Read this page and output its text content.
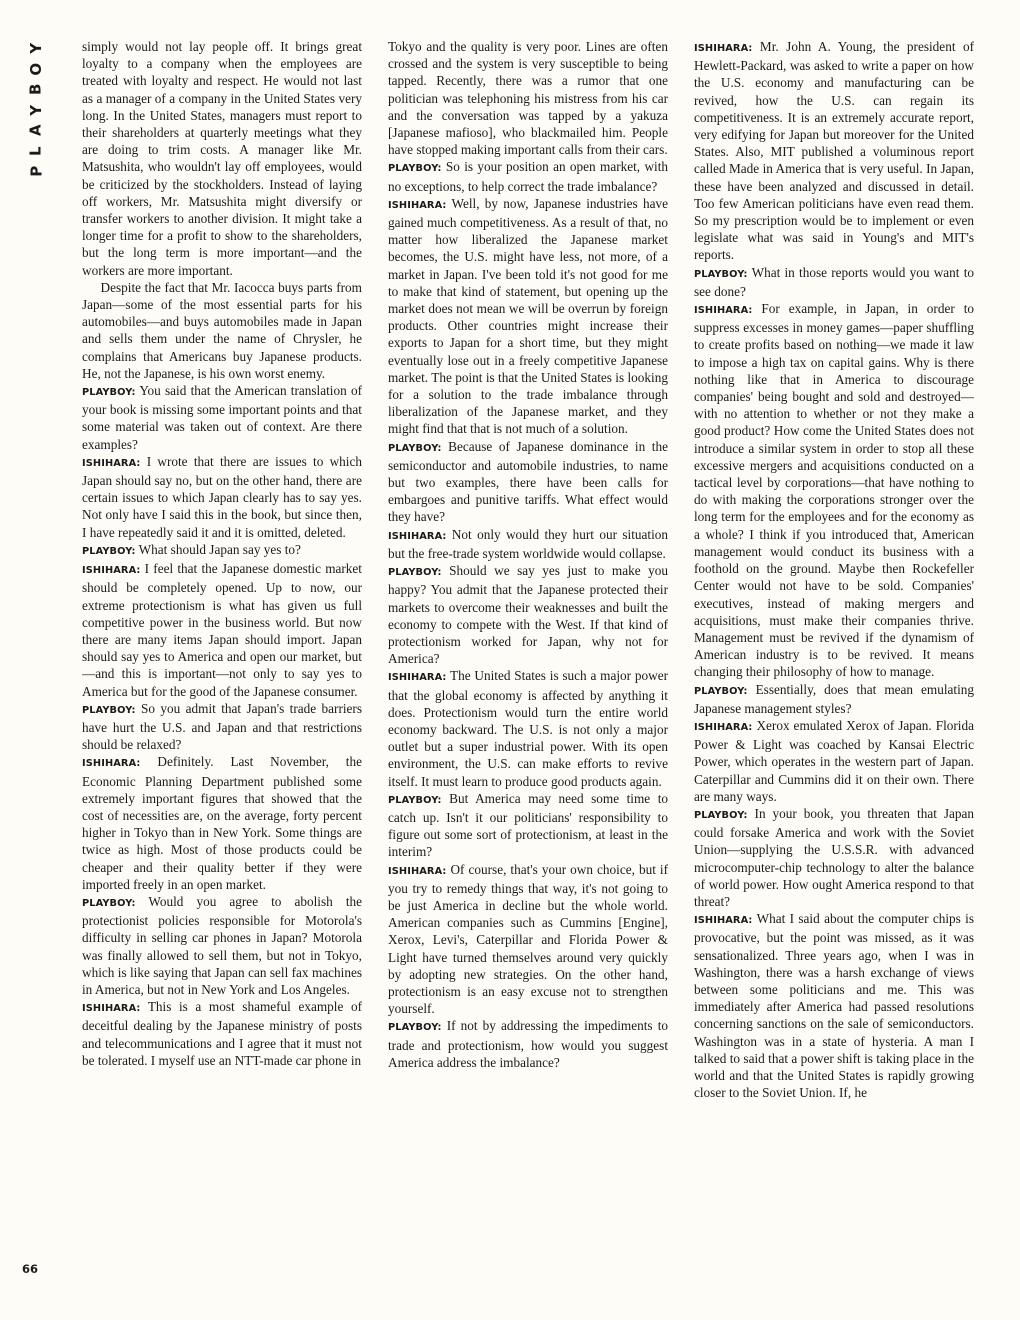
Y
O
B
Y
A
L
P
66

simply would not lay people off. It brings great loyalty to a company when the employees are treated with loyalty and respect. He would not last as a manager of a company in the United States very long. In the United States, managers must report to their shareholders at quarterly meetings what they are doing to trim costs. A manager like Mr. Matsushita, who wouldn't lay off employees, would be criticized by the stockholders. Instead of laying off workers, Mr. Matsushita might diversify or transfer workers to another division. It might take a longer time for a profit to show to the shareholders, but the long term is more important—and the workers are more important.

Despite the fact that Mr. Iacocca buys parts from Japan—some of the most essential parts for his automobiles—and buys automobiles made in Japan and sells them under the name of Chrysler, he complains that Americans buy Japanese products. He, not the Japanese, is his own worst enemy.

PLAYBOY: You said that the American translation of your book is missing some important points and that some material was taken out of context. Are there examples?

ISHIHARA: I wrote that there are issues to which Japan should say no, but on the other hand, there are certain issues to which Japan clearly has to say yes. Not only have I said this in the book, but since then, I have repeatedly said it and it is omitted, deleted.

PLAYBOY: What should Japan say yes to?

ISHIHARA: I feel that the Japanese domestic market should be completely opened. Up to now, our extreme protectionism is what has given us full competitive power in the business world. But now there are many items Japan should import. Japan should say yes to America and open our market, but—and this is important—not only to say yes to America but for the good of the Japanese consumer.

PLAYBOY: So you admit that Japan's trade barriers have hurt the U.S. and Japan and that restrictions should be relaxed?

ISHIHARA: Definitely. Last November, the Economic Planning Department published some extremely important figures that showed that the cost of necessities are, on the average, forty percent higher in Tokyo than in New York. Some things are twice as high. Most of those products could be cheaper and their quality better if they were imported freely in an open market.

PLAYBOY: Would you agree to abolish the protectionist policies responsible for Motorola's difficulty in selling car phones in Japan? Motorola was finally allowed to sell them, but not in Tokyo, which is like saying that Japan can sell fax machines in America, but not in New York and Los Angeles.

ISHIHARA: This is a most shameful example of deceitful dealing by the Japanese ministry of posts and telecommunications and I agree that it must not be tolerated. I myself use an NTT-made car phone in

Tokyo and the quality is very poor. Lines are often crossed and the system is very susceptible to being tapped. Recently, there was a rumor that one politician was telephoning his mistress from his car and the conversation was tapped by a yakuza [Japanese mafioso], who blackmailed him. People have stopped making important calls from their cars.

PLAYBOY: So is your position an open market, with no exceptions, to help correct the trade imbalance?

ISHIHARA: Well, by now, Japanese industries have gained much competitiveness. As a result of that, no matter how liberalized the Japanese market becomes, the U.S. might have less, not more, of a market in Japan. I've been told it's not good for me to make that kind of statement, but opening up the market does not mean we will be overrun by foreign products. Other countries might increase their exports to Japan for a short time, but they might eventually lose out in a freely competitive Japanese market. The point is that the United States is looking for a solution to the trade imbalance through liberalization of the Japanese market, and they might find that that is not much of a solution.

PLAYBOY: Because of Japanese dominance in the semiconductor and automobile industries, to name but two examples, there have been calls for embargoes and punitive tariffs. What effect would they have?

ISHIHARA: Not only would they hurt our situation but the free-trade system worldwide would collapse.

PLAYBOY: Should we say yes just to make you happy? You admit that the Japanese protected their markets to overcome their weaknesses and built the economy to compete with the West. If that kind of protectionism worked for Japan, why not for America?

ISHIHARA: The United States is such a major power that the global economy is affected by anything it does. Protectionism would turn the entire world economy backward. The U.S. is not only a major outlet but a super industrial power. With its open environment, the U.S. can make efforts to revive itself. It must learn to produce good products again.

PLAYBOY: But America may need some time to catch up. Isn't it our politicians' responsibility to figure out some sort of protectionism, at least in the interim?

ISHIHARA: Of course, that's your own choice, but if you try to remedy things that way, it's not going to be just America in decline but the whole world. American companies such as Cummins [Engine], Xerox, Levi's, Caterpillar and Florida Power & Light have turned themselves around very quickly by adopting new strategies. On the other hand, protectionism is an easy excuse not to strengthen yourself.

PLAYBOY: If not by addressing the impediments to trade and protectionism, how would you suggest America address the imbalance?

ISHIHARA: Mr. John A. Young, the president of Hewlett-Packard, was asked to write a paper on how the U.S. economy and manufacturing can be revived, how the U.S. can regain its competitiveness. It is an extremely accurate report, very edifying for Japan but moreover for the United States. Also, MIT published a voluminous report called Made in America that is very useful. In Japan, these have been analyzed and discussed in detail. Too few American politicians have even read them. So my prescription would be to implement or even legislate what was said in Young's and MIT's reports.

PLAYBOY: What in those reports would you want to see done?

ISHIHARA: For example, in Japan, in order to suppress excesses in money games—paper shuffling to create profits based on nothing—we made it law to impose a high tax on capital gains. Why is there nothing like that in America to discourage companies' being bought and sold and destroyed—with no attention to whether or not they make a good product? How come the United States does not introduce a similar system in order to stop all these excessive mergers and acquisitions conducted on a tactical level by corporations—that have nothing to do with making the corporations stronger over the long term for the employees and for the economy as a whole? I think if you introduced that, American management would conduct its business with a foothold on the ground. Maybe then Rockefeller Center would not have to be sold. Companies' executives, instead of making mergers and acquisitions, must make their companies thrive. Management must be revived if the dynamism of American industry is to be revived. It means changing their philosophy of how to manage.

PLAYBOY: Essentially, does that mean emulating Japanese management styles?

ISHIHARA: Xerox emulated Xerox of Japan. Florida Power & Light was coached by Kansai Electric Power, which operates in the western part of Japan. Caterpillar and Cummins did it on their own. There are many ways.

PLAYBOY: In your book, you threaten that Japan could forsake America and work with the Soviet Union—supplying the U.S.S.R. with advanced microcomputer-chip technology to alter the balance of world power. How ought America respond to that threat?

ISHIHARA: What I said about the computer chips is provocative, but the point was missed, as it was sensationalized. Three years ago, when I was in Washington, there was a harsh exchange of views between some politicians and me. This was immediately after America had passed resolutions concerning sanctions on the sale of semiconductors. Washington was in a state of hysteria. A man I talked to said that a power shift is taking place in the world and that the United States is rapidly growing closer to the Soviet Union. If, he
